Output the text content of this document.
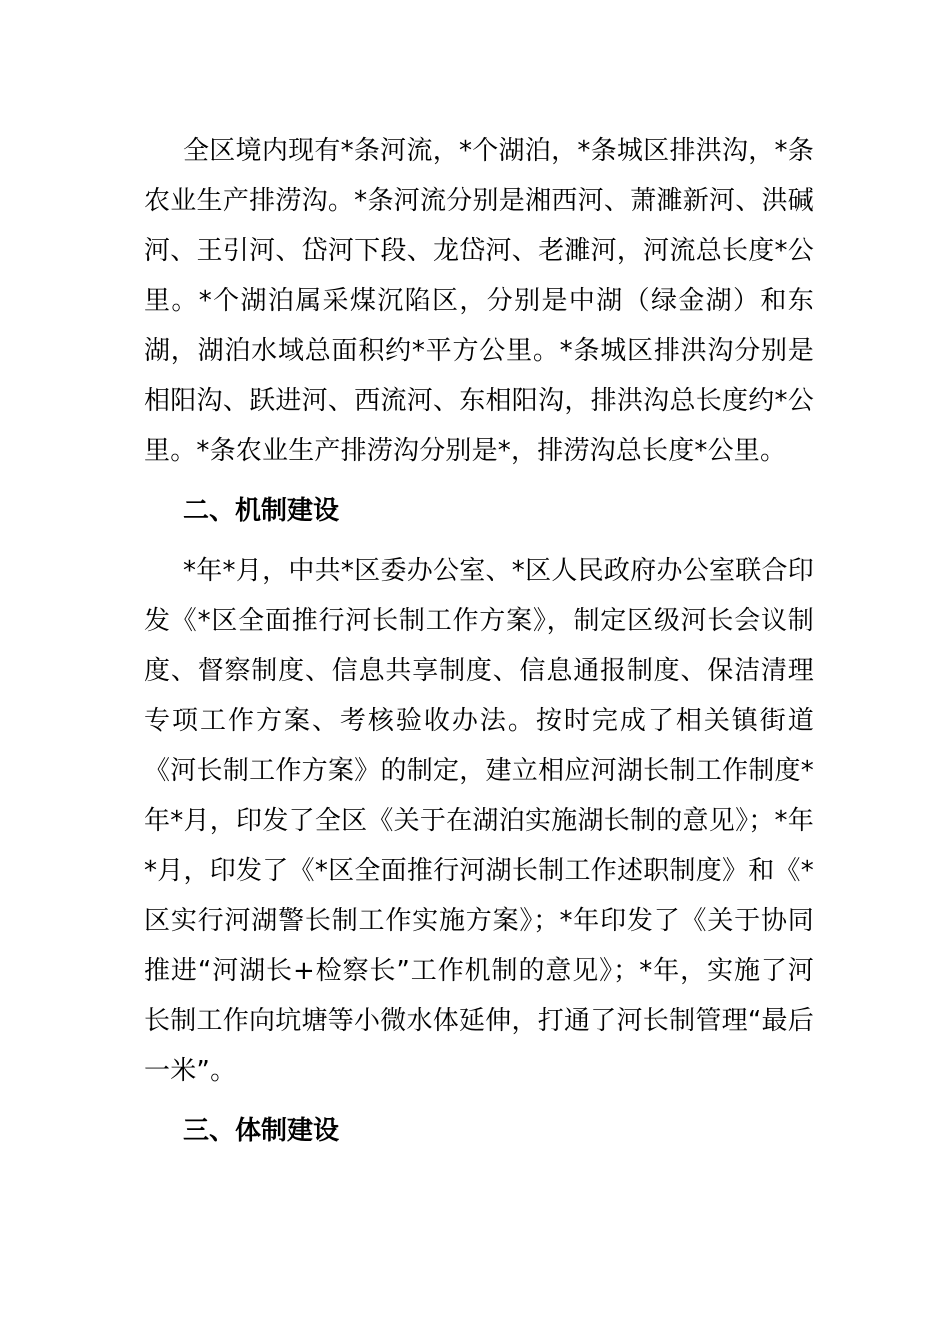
全区境内现有*条河流，*个湖泊，*条城区排洪沟，*条农业生产排涝沟。*条河流分别是湘西河、萧濉新河、洪碱河、王引河、岱河下段、龙岱河、老濉河，河流总长度*公里。*个湖泊属采煤沉陷区，分别是中湖（绿金湖）和东湖，湖泊水域总面积约*平方公里。*条城区排洪沟分别是相阳沟、跃进河、西流河、东相阳沟，排洪沟总长度约*公里。*条农业生产排涝沟分别是*，排涝沟总长度*公里。

二、机制建设

*年*月，中共*区委办公室、*区人民政府办公室联合印发《*区全面推行河长制工作方案》，制定区级河长会议制度、督察制度、信息共享制度、信息通报制度、保洁清理专项工作方案、考核验收办法。按时完成了相关镇街道《河长制工作方案》的制定，建立相应河湖长制工作制度*年*月，印发了全区《关于在湖泊实施湖长制的意见》；*年*月，印发了《*区全面推行河湖长制工作述职制度》和《*区实行河湖警长制工作实施方案》；*年印发了《关于协同推进“河湖长+检察长”工作机制的意见》；*年，实施了河长制工作向坑塘等小微水体延伸，打通了河长制管理“最后一米”。

三、体制建设
